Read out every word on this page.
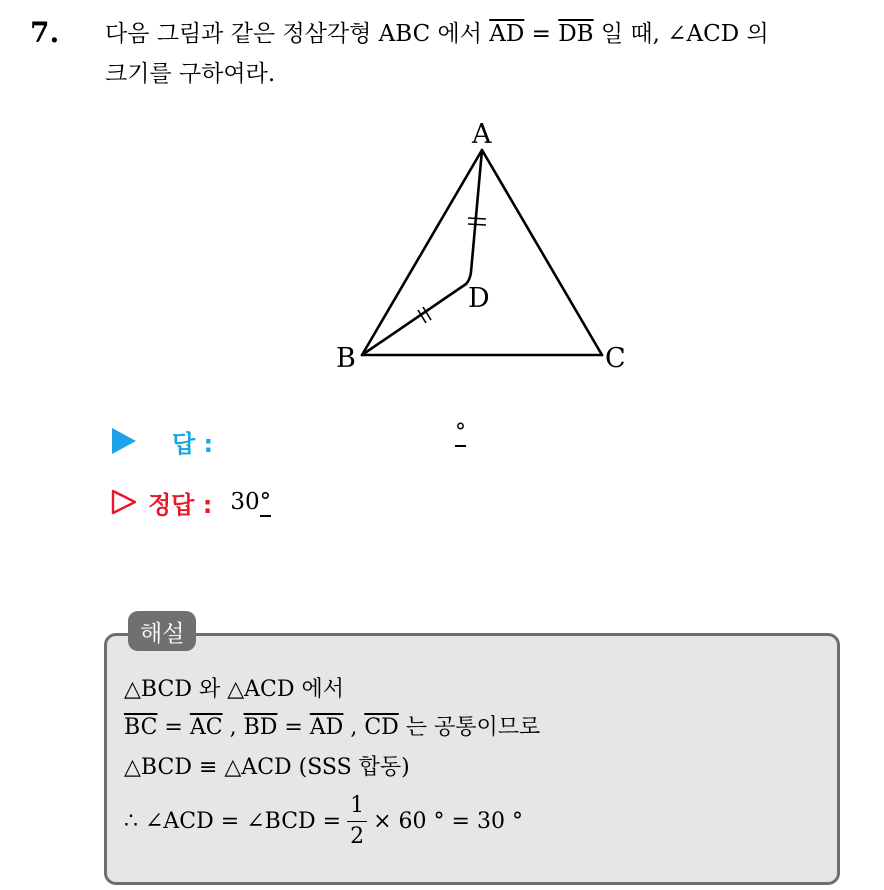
7. 다음 그림과 같은 정삼각형 ABC 에서 $\overline{AD} = \overline{DB}$ 일 때, ∠ACD 의
크기를 구하여라.
A
B	C
D
답 :	°
정답 : 30°
해설
△BCD 와 △ACD 에서
$\overline{BC} = \overline{AC}$ , $\overline{BD} = \overline{AD}$ , $\overline{CD}$ 는 공통이므로
△BCD ≡ △ACD (SSS 합동)
∴ ∠ACD = ∠BCD = $\frac{1}{2} \times 60$ ° = 30 °
